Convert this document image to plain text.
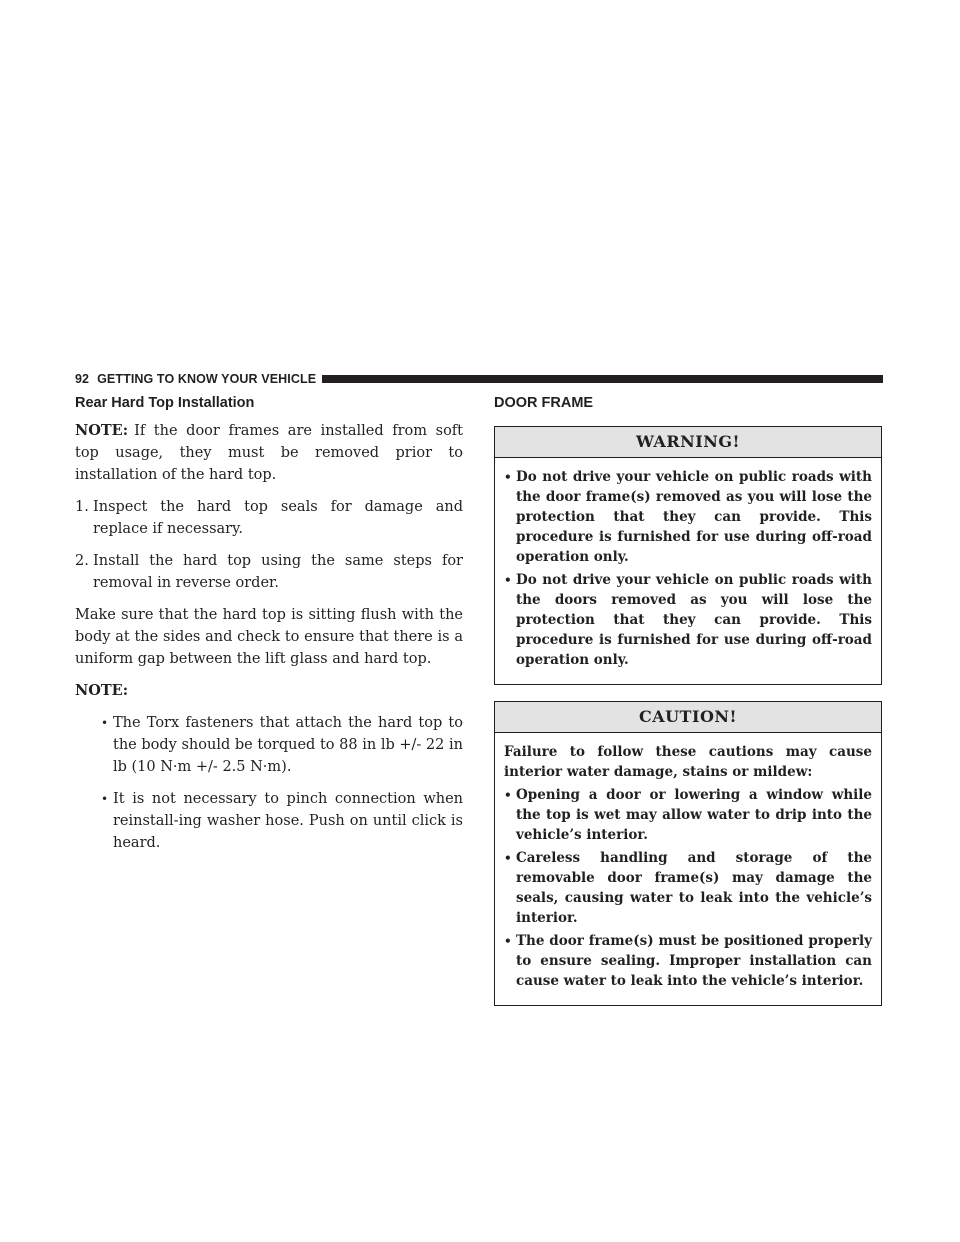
92 GETTING TO KNOW YOUR VEHICLE
Rear Hard Top Installation

NOTE: If the door frames are installed from soft top usage, they must be removed prior to installation of the hard top.

1. Inspect the hard top seals for damage and replace if necessary.
2. Install the hard top using the same steps for removal in reverse order.

Make sure that the hard top is sitting flush with the body at the sides and check to ensure that there is a uniform gap between the lift glass and hard top.

NOTE:

• The Torx fasteners that attach the hard top to the body should be torqued to 88 in lb +/- 22 in lb (10 N·m +/- 2.5 N·m).
• It is not necessary to pinch connection when reinstall-ing washer hose. Push on until click is heard.
DOOR FRAME
WARNING!
• Do not drive your vehicle on public roads with the door frame(s) removed as you will lose the protection that they can provide. This procedure is furnished for use during off-road operation only.
• Do not drive your vehicle on public roads with the doors removed as you will lose the protection that they can provide. This procedure is furnished for use during off-road operation only.
CAUTION!

Failure to follow these cautions may cause interior water damage, stains or mildew:

• Opening a door or lowering a window while the top is wet may allow water to drip into the vehicle’s interior.
• Careless handling and storage of the removable door frame(s) may damage the seals, causing water to leak into the vehicle’s interior.
• The door frame(s) must be positioned properly to ensure sealing. Improper installation can cause water to leak into the vehicle’s interior.
